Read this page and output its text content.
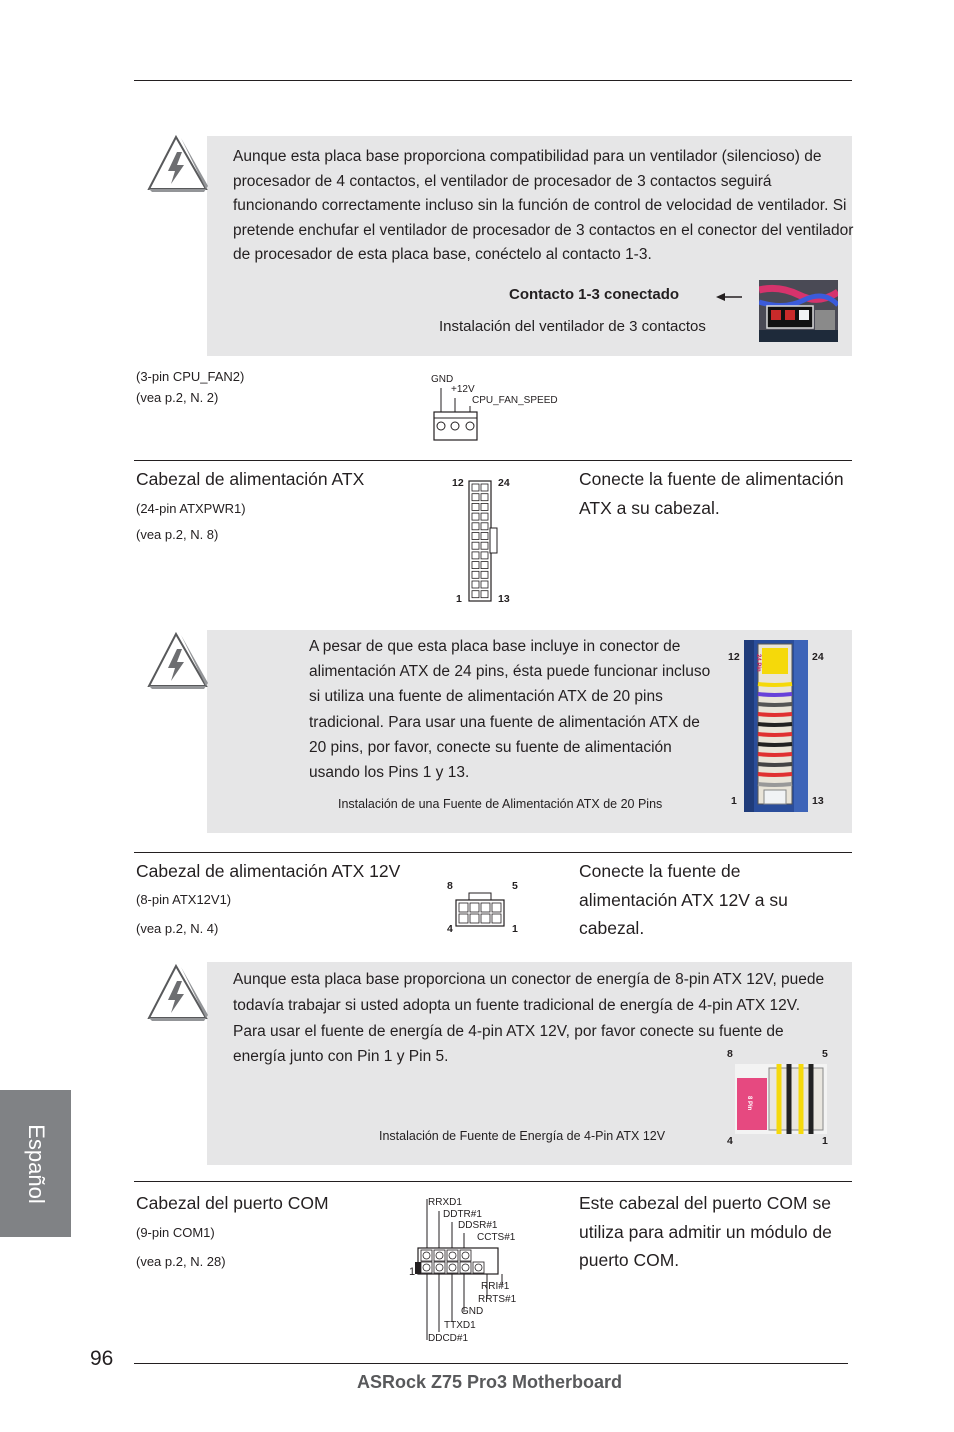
Aunque esta placa base proporciona compatibilidad para un ventilador (silencioso) de procesador de 4 contactos, el ventilador de procesador de 3 contactos seguirá funcionando correctamente incluso sin la función de control de velocidad de ventilador. Si pretende enchufar el ventilador de procesador de 3 contactos en el conector del ventilador de procesador de esta placa base, conéctelo al contacto 1-3.
Contacto 1-3 conectado
Instalación del ventilador de 3 contactos
(3-pin CPU_FAN2)
(vea p.2, N. 2)
GND
+12V
CPU_FAN_SPEED
Cabezal de alimentación ATX
(24-pin ATXPWR1)
(vea p.2, N. 8)
Conecte la fuente de alimentación ATX a su cabezal.
12	24
1	13
A pesar de que esta placa base incluye in conector de alimentación ATX de 24 pins, ésta puede funcionar incluso si utiliza una fuente de alimentación ATX de 20 pins tradicional. Para usar una fuente de alimentación ATX de 20 pins, por favor, conecte su fuente de alimentación usando los Pins 1 y 13.
Instalación de una Fuente de Alimentación ATX de 20 Pins
12	24
1	13
24 Pin
Cabezal de alimentación ATX 12V
(8-pin ATX12V1)
(vea p.2, N. 4)
Conecte la fuente de alimentación ATX 12V a su cabezal.
8	5
4	1
Aunque esta placa base proporciona un conector de energía de 8-pin ATX 12V, puede todavía trabajar si usted adopta un fuente tradicional de energía de 4-pin ATX 12V. Para usar el fuente de energía de 4-pin ATX 12V, por favor conecte su fuente de energía junto con Pin 1 y Pin 5.
Instalación de Fuente de Energía de 4-Pin ATX 12V
8	5
4	1
8 Pin
Cabezal del puerto COM
(9-pin COM1)
(vea p.2, N. 28)
Este cabezal del puerto COM se utiliza para admitir un módulo de puerto COM.
1
RRXD1
DDTR#1
DDSR#1
CCTS#1
RRI#1
RRTS#1
GND
TTXD1
DDCD#1
Español
96
ASRock Z75 Pro3 Motherboard
